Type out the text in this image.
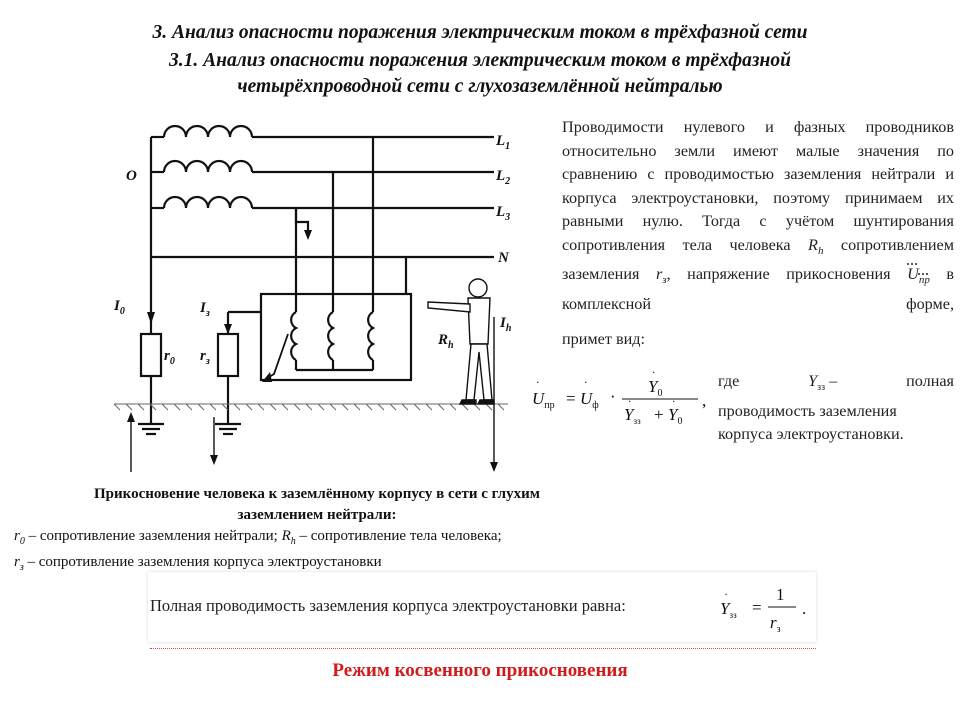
3. Анализ опасности поражения электрическим током в трёхфазной сети
3.1. Анализ опасности поражения электрическим током в трёхфазной
четырёхпроводной сети с глухозаземлённой нейтралью
$L_1$
$L_2$
$L_3$
N
O
$I_0$	$I_з$
$I_h$
$r_0$ $r_з$
$R_h$

Проводимости нулевого и фазных проводников относительно земли имеют малые значения по сравнению с проводимостью заземления нейтрали и корпуса электроустановки, поэтому принимаем их равными нулю. Тогда с учётом шунтирования сопротивления тела человека $R_h$ сопротивлением заземления $r_з$, напряжение прикосновения $U_{пр}$ в комплексной форме,

примет вид:

$U_{пр}$
·
= $U_ф$
·
·
$Y_0$
·
$Y_{зз}$
·
+ $Y_0$
· ,
где	$Y_{зз}$ –	полная
проводимость заземления
корпуса электроустановки.
Прикосновение человека к заземлённому корпусу в сети с глухим
заземлением нейтрали:
$r_0$ – сопротивление заземления нейтрали; $R_h$ – сопротивление тела человека;
$r_з$ – сопротивление заземления корпуса электроустановки
Полная проводимость заземления корпуса электроустановки равна:	$Y_{зз}$
·
=
1
$r_з$
.
Режим косвенного прикосновения
